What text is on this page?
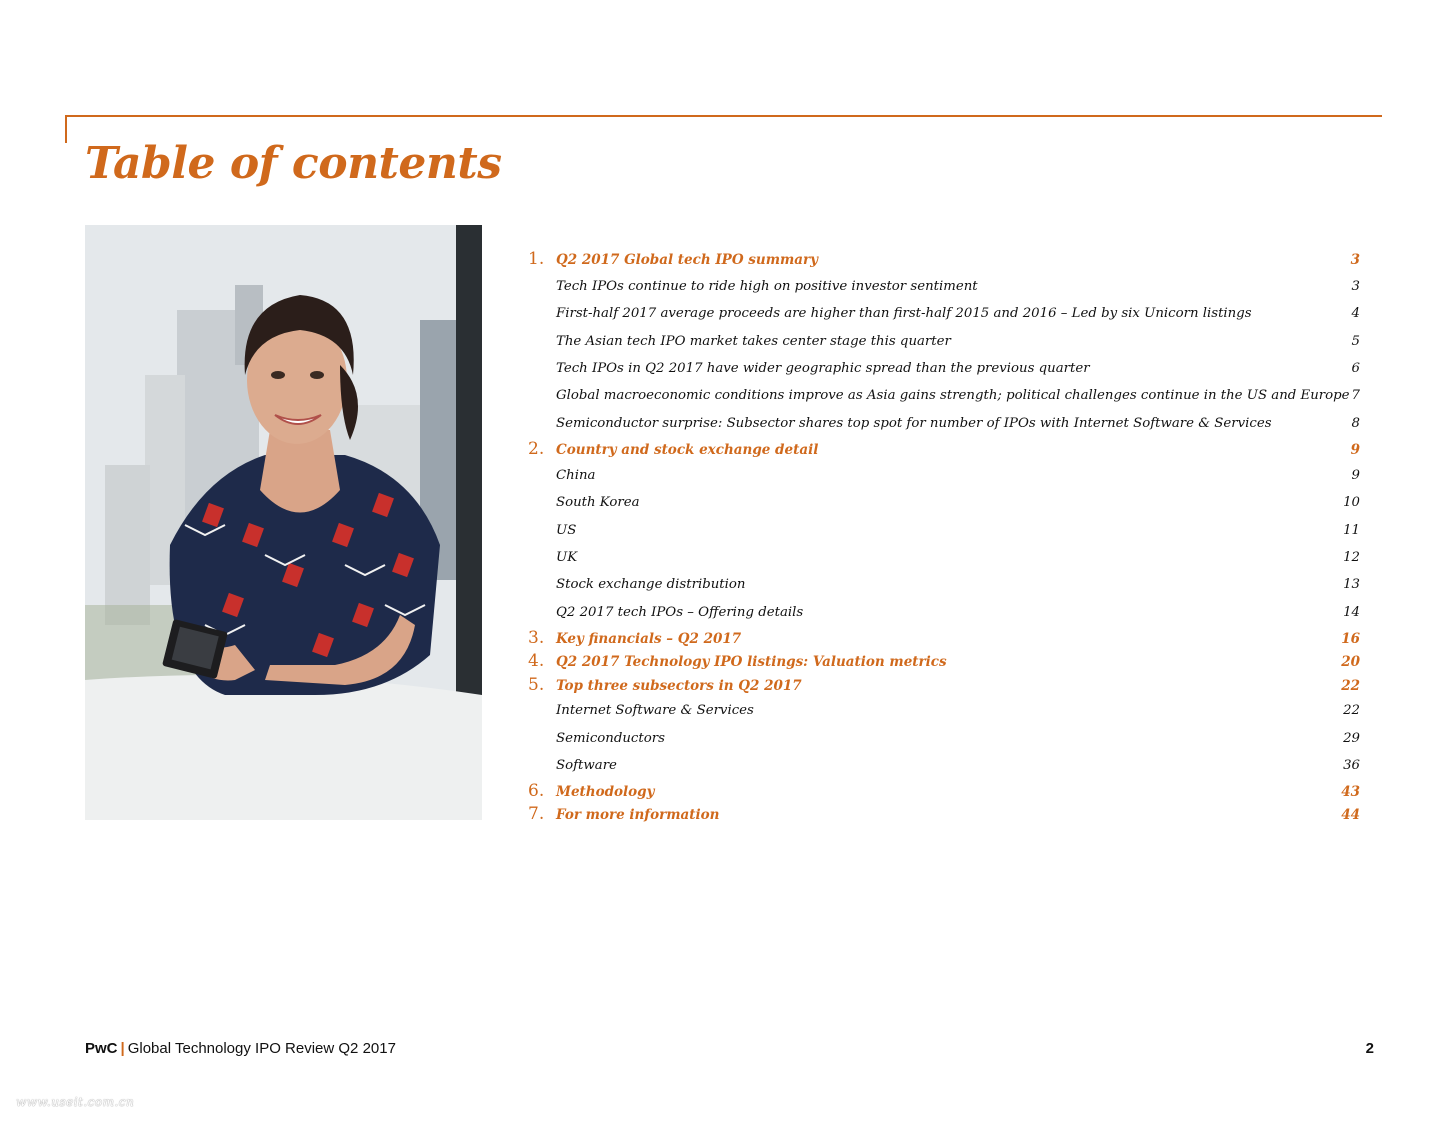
Table of contents
1. Q2 2017 Global tech IPO summary	3
Tech IPOs continue to ride high on positive investor sentiment	3
First-half 2017 average proceeds are higher than first-half 2015 and 2016 – Led by six Unicorn listings	4
The Asian tech IPO market takes center stage this quarter	5
Tech IPOs in Q2 2017 have wider geographic spread than the previous quarter	6
Global macroeconomic conditions improve as Asia gains strength; political challenges continue in the US and Europe 7
Semiconductor surprise: Subsector shares top spot for number of IPOs with Internet Software & Services	8
2. Country and stock exchange detail	9
China	9
South Korea	10
US	11
UK	12
Stock exchange distribution	13
Q2 2017 tech IPOs – Offering details	14
3. Key financials – Q2 2017	16
4. Q2 2017 Technology IPO listings: Valuation metrics	20
5. Top three subsectors in Q2 2017	22
Internet Software & Services	22
Semiconductors	29
Software	36
6. Methodology	43
7. For more information	44
PwC | Global Technology IPO Review Q2 2017	2
www.useit.com.cn
